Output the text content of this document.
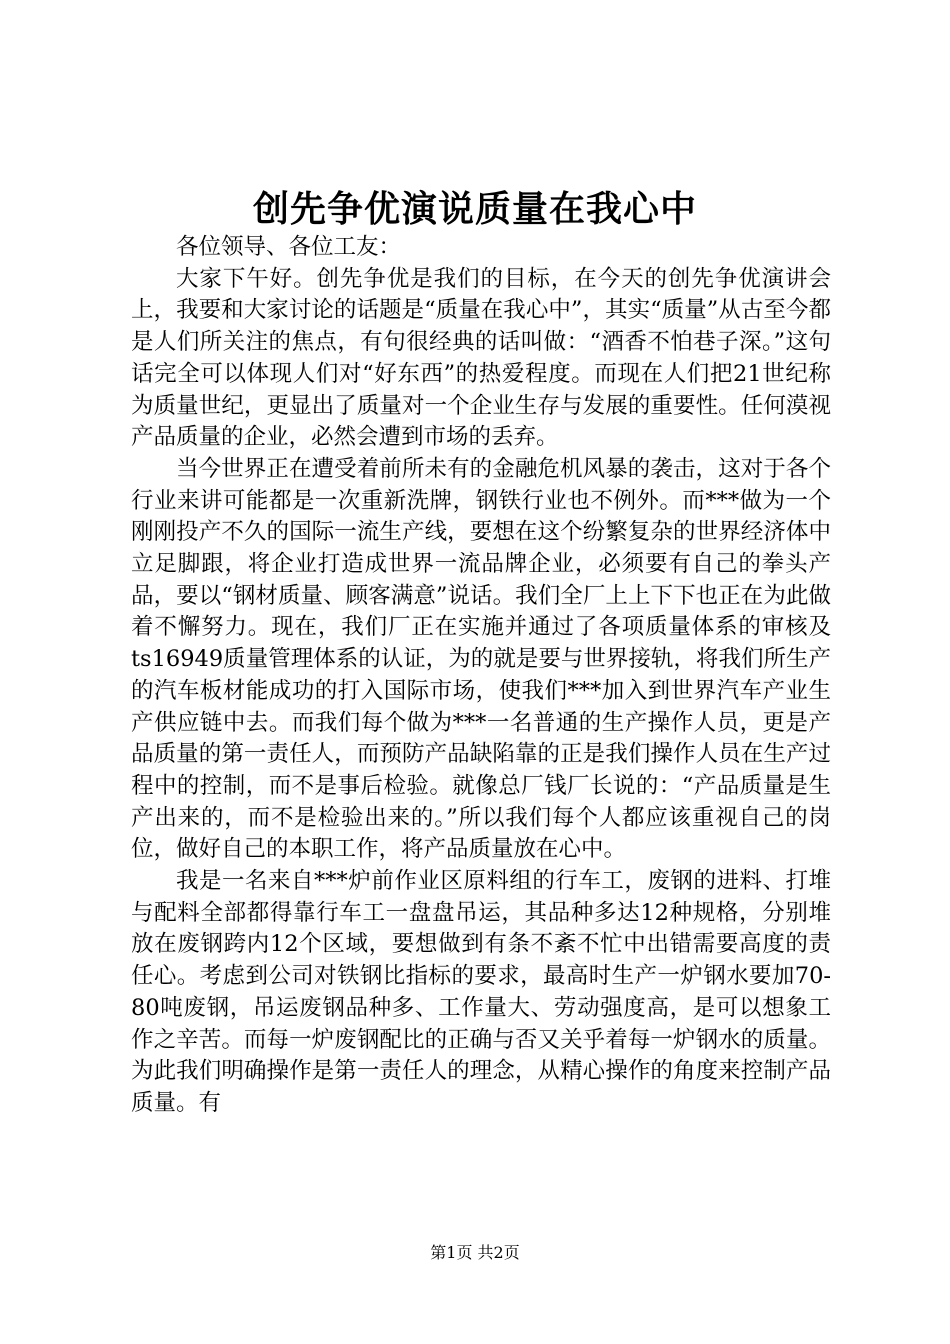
创先争优演说质量在我心中

各位领导、各位工友：

大家下午好。创先争优是我们的目标，在今天的创先争优演讲会上，我要和大家讨论的话题是“质量在我心中”，其实“质量”从古至今都是人们所关注的焦点，有句很经典的话叫做：“酒香不怕巷子深。”这句话完全可以体现人们对“好东西”的热爱程度。而现在人们把21世纪称为质量世纪，更显出了质量对一个企业生存与发展的重要性。任何漠视产品质量的企业，必然会遭到市场的丢弃。

当今世界正在遭受着前所未有的金融危机风暴的袭击，这对于各个行业来讲可能都是一次重新洗牌，钢铁行业也不例外。而***做为一个刚刚投产不久的国际一流生产线，要想在这个纷繁复杂的世界经济体中立足脚跟，将企业打造成世界一流品牌企业，必须要有自己的拳头产品，要以“钢材质量、顾客满意”说话。我们全厂上上下下也正在为此做着不懈努力。现在，我们厂正在实施并通过了各项质量体系的审核及ts16949质量管理体系的认证，为的就是要与世界接轨，将我们所生产的汽车板材能成功的打入国际市场，使我们***加入到世界汽车产业生产供应链中去。而我们每个做为***一名普通的生产操作人员，更是产品质量的第一责任人，而预防产品缺陷靠的正是我们操作人员在生产过程中的控制，而不是事后检验。就像总厂钱厂长说的：“产品质量是生产出来的，而不是检验出来的。”所以我们每个人都应该重视自己的岗位，做好自己的本职工作，将产品质量放在心中。

我是一名来自***炉前作业区原料组的行车工，废钢的进料、打堆与配料全部都得靠行车工一盘盘吊运，其品种多达12种规格，分别堆放在废钢跨内12个区域，要想做到有条不紊不忙中出错需要高度的责任心。考虑到公司对铁钢比指标的要求，最高时生产一炉钢水要加70-80吨废钢，吊运废钢品种多、工作量大、劳动强度高，是可以想象工作之辛苦。而每一炉废钢配比的正确与否又关乎着每一炉钢水的质量。为此我们明确操作是第一责任人的理念，从精心操作的角度来控制产品质量。有

第1页 共2页
